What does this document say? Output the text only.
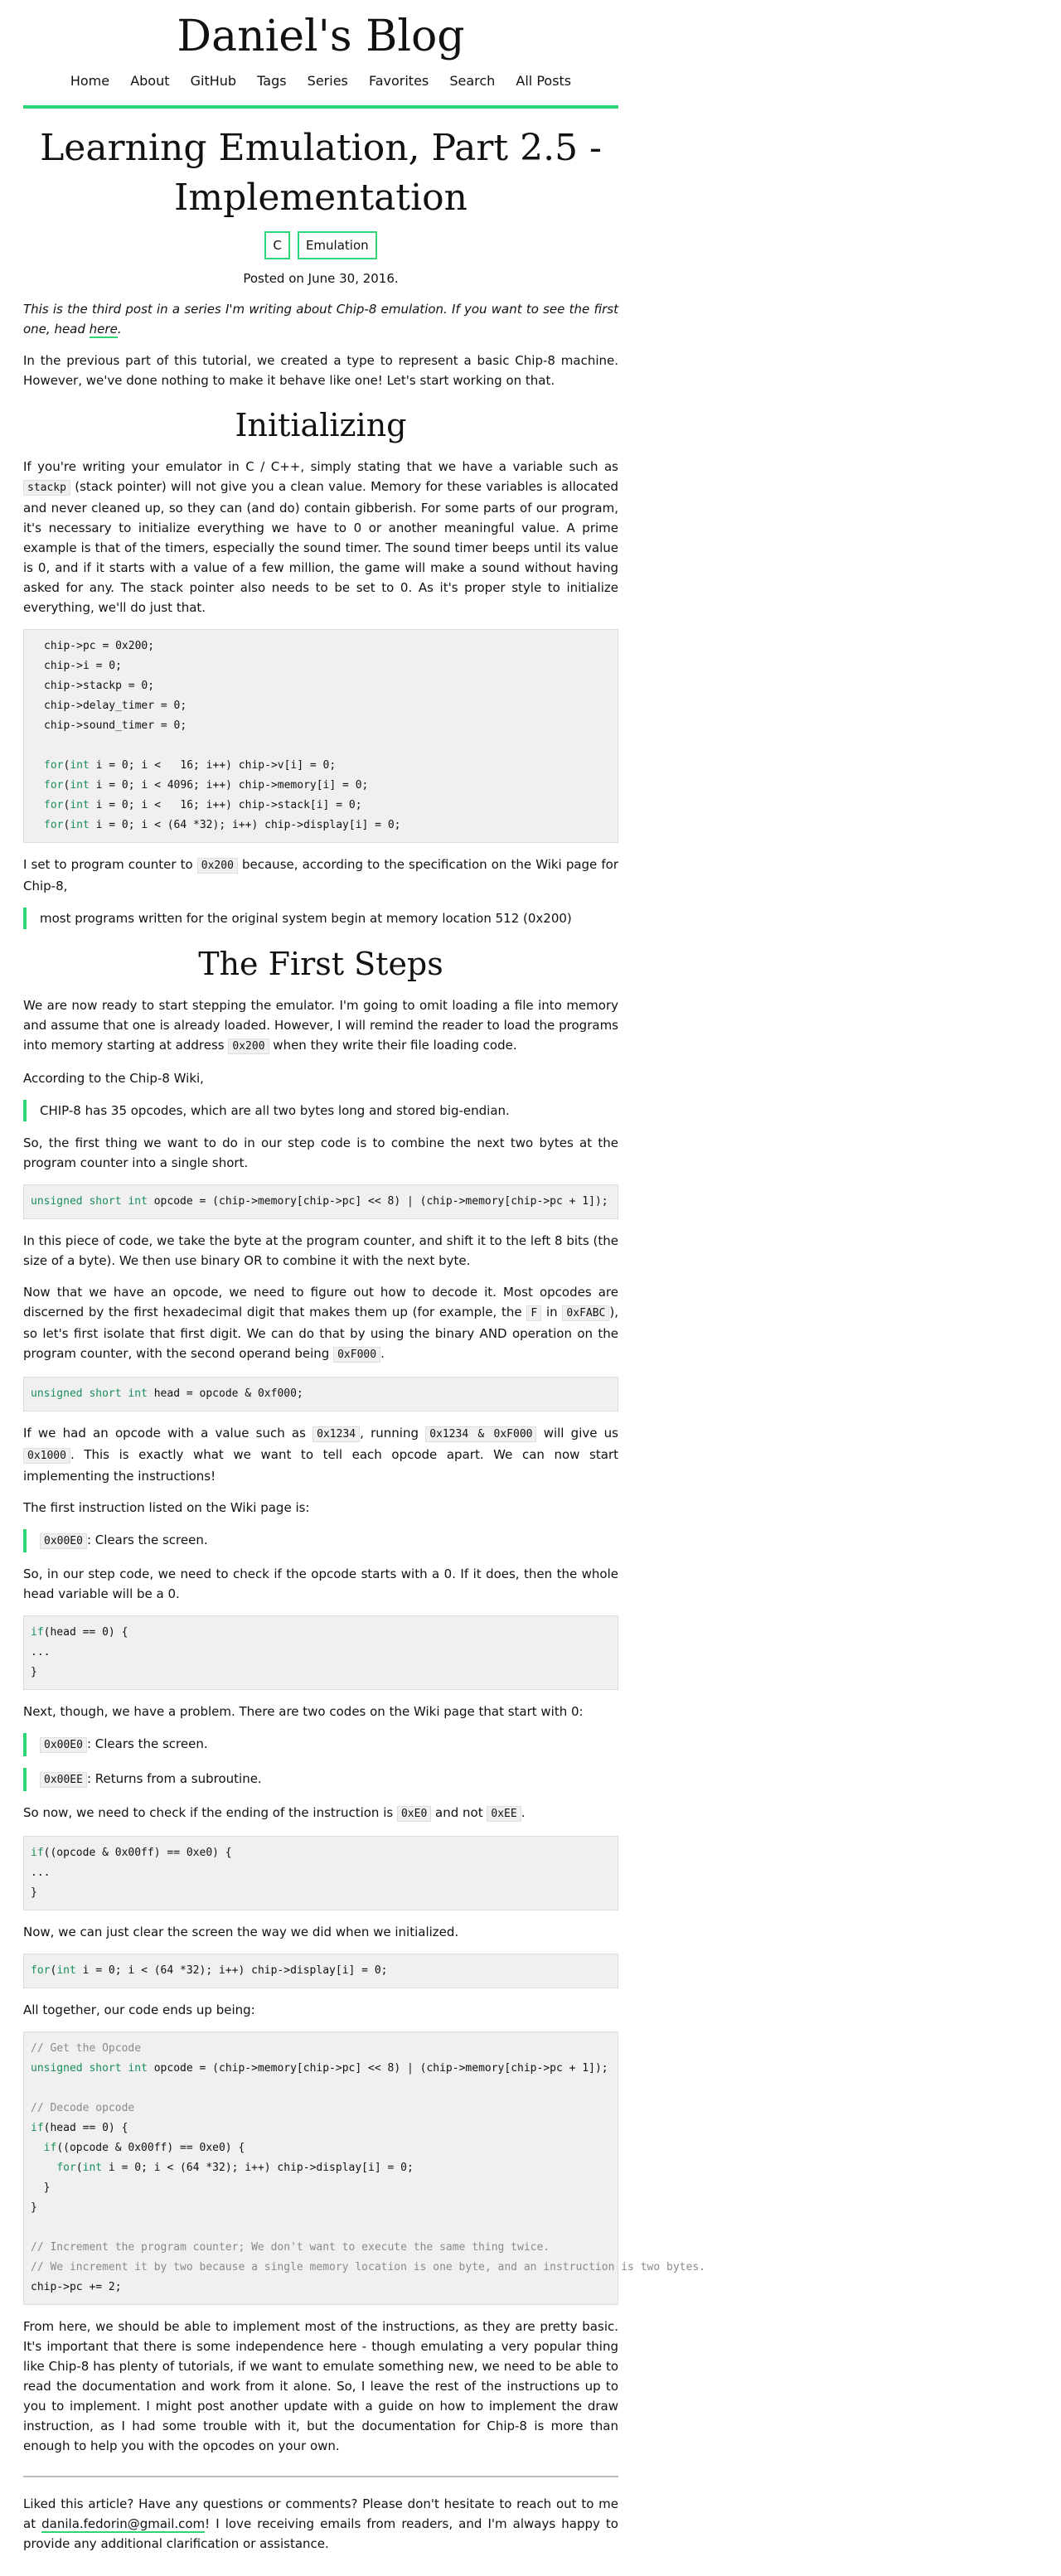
Daniel's Blog
Home About GitHub Tags Series Favorites Search All Posts
Learning Emulation, Part 2.5 - Implementation
C Emulation
Posted on June 30, 2016.

This is the third post in a series I'm writing about Chip-8 emulation. If you want to see the first one, head here.

In the previous part of this tutorial, we created a type to represent a basic Chip-8 machine. However, we've done nothing to make it behave like one! Let's start working on that.

Initializing

If you're writing your emulator in C / C++, simply stating that we have a variable such as stackp (stack pointer) will not give you a clean value. Memory for these variables is allocated and never cleaned up, so they can (and do) contain gibberish. For some parts of our program, it's necessary to initialize everything we have to 0 or another meaningful value. A prime example is that of the timers, especially the sound timer. The sound timer beeps until its value is 0, and if it starts with a value of a few million, the game will make a sound without having asked for any. The stack pointer also needs to be set to 0. As it's proper style to initialize everything, we'll do just that.

chip->pc = 0x200;
chip->i = 0;
chip->stackp = 0;
chip->delay_timer = 0;
chip->sound_timer = 0;

for(int i = 0; i <   16; i++) chip->v[i] = 0;
for(int i = 0; i < 4096; i++) chip->memory[i] = 0;
for(int i = 0; i <   16; i++) chip->stack[i] = 0;
for(int i = 0; i < (64 *32); i++) chip->display[i] = 0;

I set to program counter to 0x200 because, according to the specification on the Wiki page for Chip-8,

most programs written for the original system begin at memory location 512 (0x200)
The First Steps

We are now ready to start stepping the emulator. I'm going to omit loading a file into memory and assume that one is already loaded. However, I will remind the reader to load the programs into memory starting at address 0x200 when they write their file loading code.

According to the Chip-8 Wiki,

CHIP-8 has 35 opcodes, which are all two bytes long and stored big-endian.

So, the first thing we want to do in our step code is to combine the next two bytes at the program counter into a single short.

unsigned short int opcode = (chip->memory[chip->pc] << 8) | (chip->memory[chip->pc + 1]);

In this piece of code, we take the byte at the program counter, and shift it to the left 8 bits (the size of a byte). We then use binary OR to combine it with the next byte.

Now that we have an opcode, we need to figure out how to decode it. Most opcodes are discerned by the first hexadecimal digit that makes them up (for example, the F in 0xFABC ), so let's first isolate that first digit. We can do that by using the binary AND operation on the program counter, with the second operand being 0xF000 .

unsigned short int head = opcode & 0xf000;

If we had an opcode with a value such as 0x1234 , running 0x1234 & 0xF000 will give us 0x1000 . This is exactly what we want to tell each opcode apart. We can now start implementing the instructions!

The first instruction listed on the Wiki page is:

0x00E0 : Clears the screen.

So, in our step code, we need to check if the opcode starts with a 0. If it does, then the whole head variable will be a 0.

if(head == 0) {
...
}

Next, though, we have a problem. There are two codes on the Wiki page that start with 0:

0x00E0 : Clears the screen.
0x00EE : Returns from a subroutine.

So now, we need to check if the ending of the instruction is 0xE0 and not 0xEE .

if((opcode & 0x00ff) == 0xe0) {
...
}

Now, we can just clear the screen the way we did when we initialized.

for(int i = 0; i < (64 *32); i++) chip->display[i] = 0;

All together, our code ends up being:

// Get the Opcode
unsigned short int opcode = (chip->memory[chip->pc] << 8) | (chip->memory[chip->pc + 1]);

// Decode opcode
if(head == 0) {
if((opcode & 0x00ff) == 0xe0) {
for(int i = 0; i < (64 *32); i++) chip->display[i] = 0;
}
}

// Increment the program counter; We don't want to execute the same thing twice.
// We increment it by two because a single memory location is one byte, and an instruction is two bytes.
chip->pc += 2;

From here, we should be able to implement most of the instructions, as they are pretty basic. It's important that there is some independence here - though emulating a very popular thing like Chip-8 has plenty of tutorials, if we want to emulate something new, we need to be able to read the documentation and work from it alone. So, I leave the rest of the instructions up to you to implement. I might post another update with a guide on how to implement the draw instruction, as I had some trouble with it, but the documentation for Chip-8 is more than enough to help you with the opcodes on your own.

Liked this article? Have any questions or comments? Please don't hesitate to reach out to me at danila.fedorin@gmail.com! I love receiving emails from readers, and I'm always happy to provide any additional clarification or assistance.
